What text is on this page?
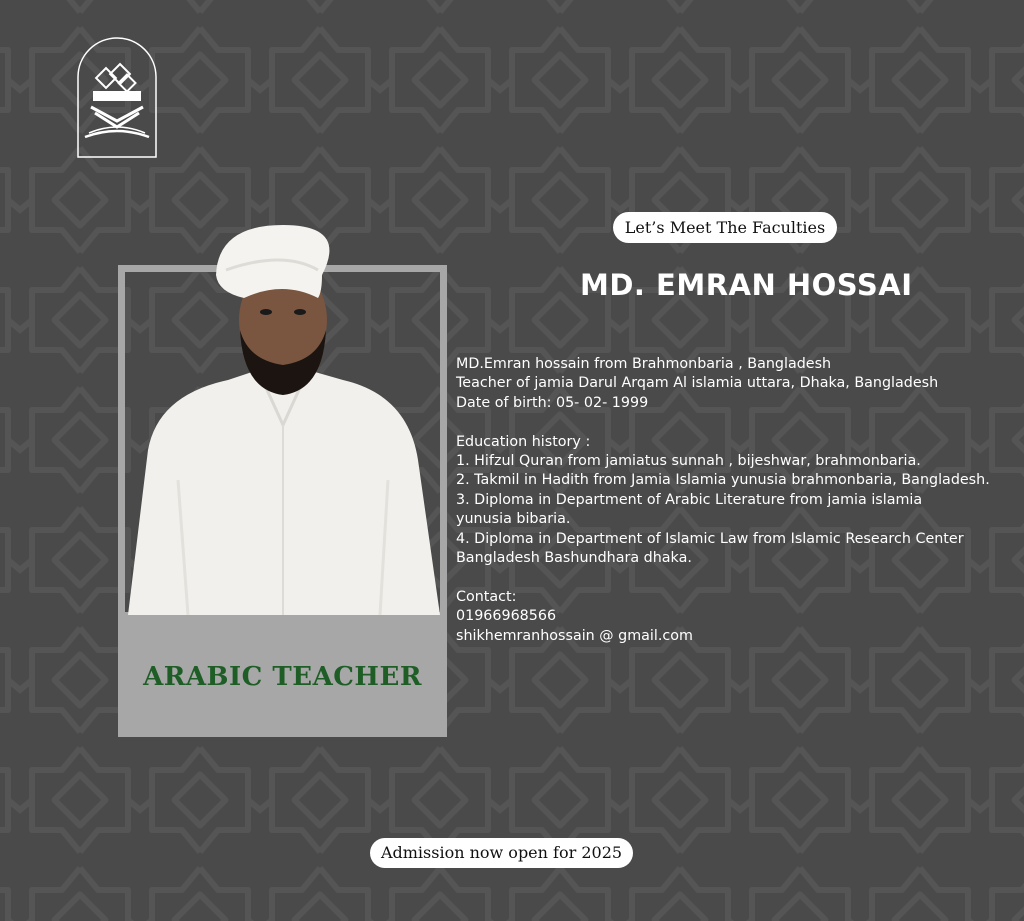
Let’s Meet The Faculties
MD. EMRAN HOSSAI
ARABIC TEACHER
MD.Emran hossain from Brahmonbaria , Bangladesh
Teacher of jamia Darul Arqam Al islamia uttara, Dhaka, Bangladesh
Date of birth: 05- 02- 1999
Education history :
1. Hifzul Quran from jamiatus sunnah , bijeshwar, brahmonbaria.
2. Takmil in Hadith from Jamia Islamia yunusia brahmonbaria, Bangladesh.
3. Diploma in Department of Arabic Literature from jamia islamia
yunusia bibaria.
4. Diploma in Department of Islamic Law from Islamic Research Center
Bangladesh Bashundhara dhaka.
Contact:
01966968566
shikhemranhossain @ gmail.com
Admission now open for 2025
